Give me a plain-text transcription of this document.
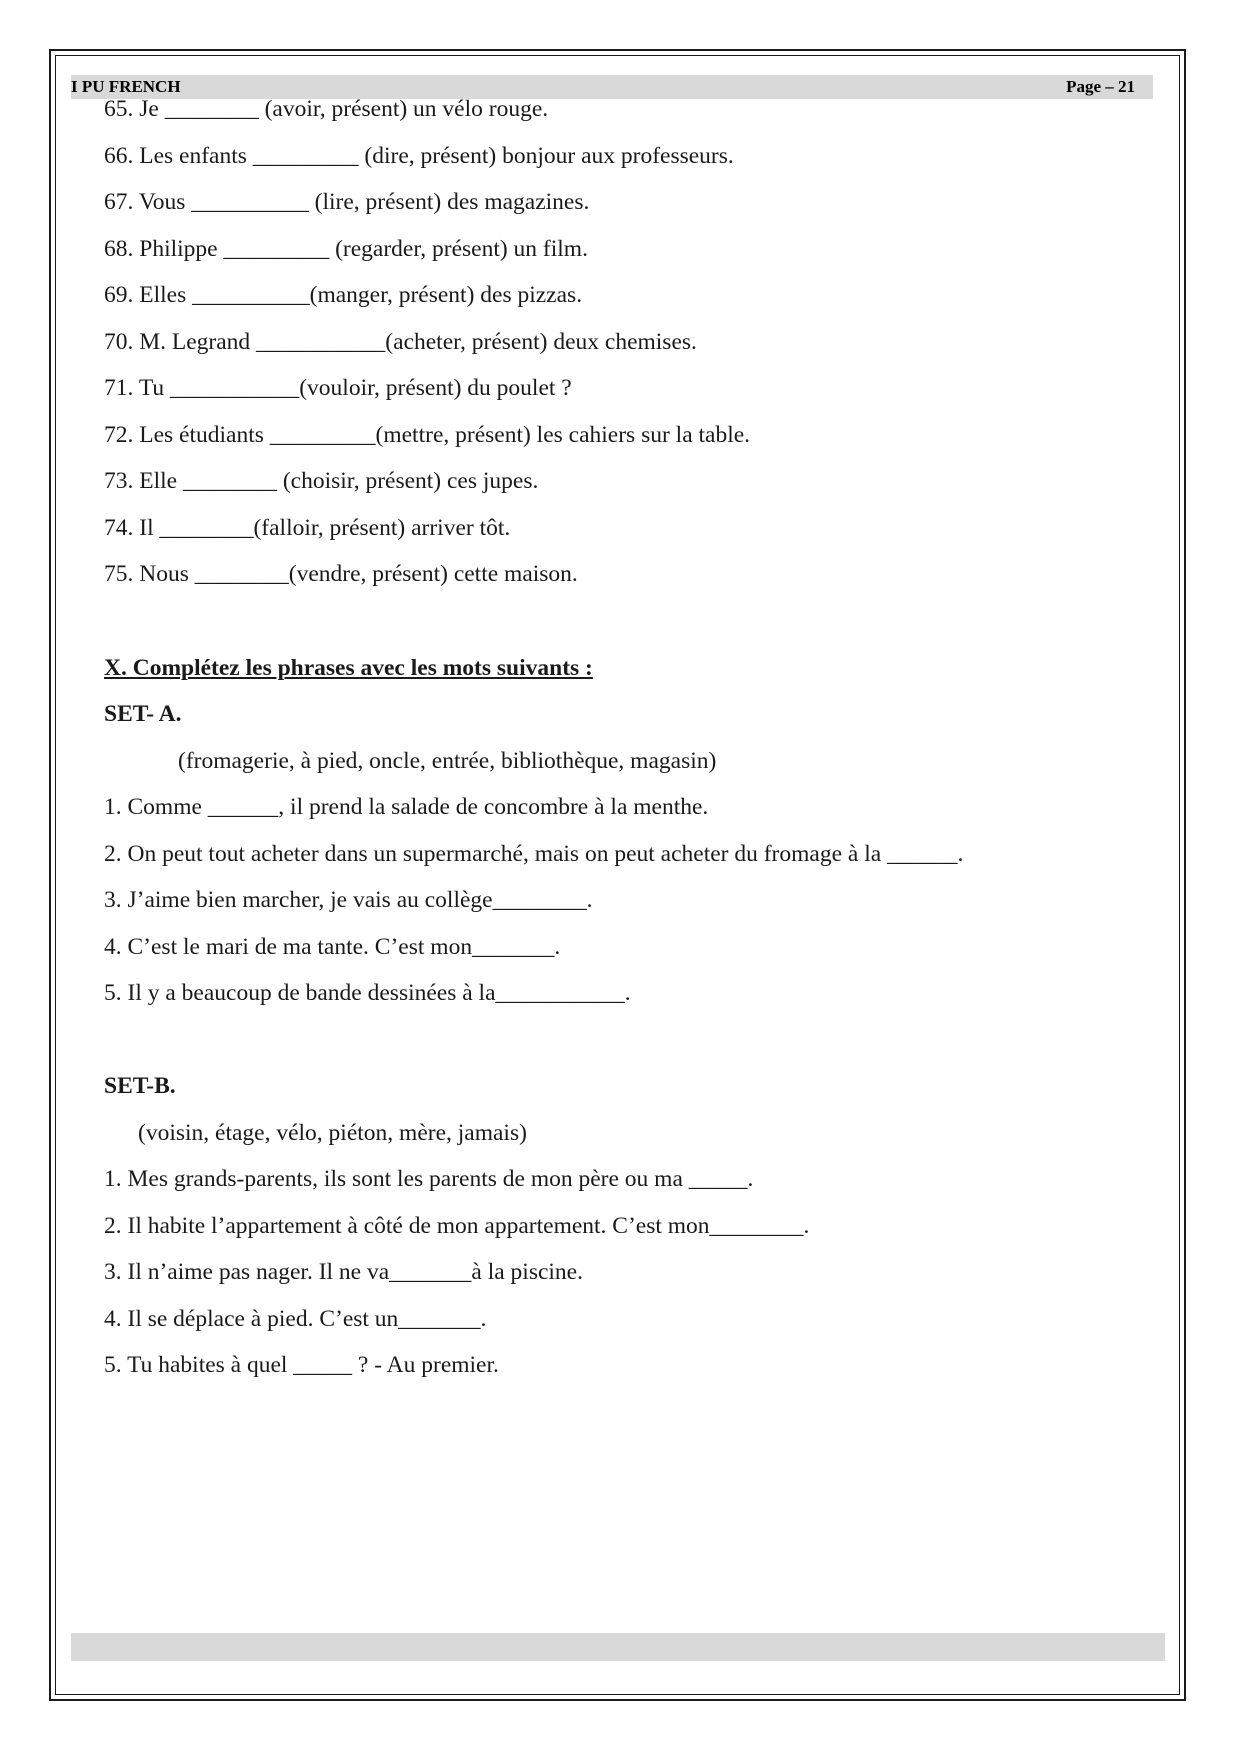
I PU FRENCH	Page – 21
65. Je ________ (avoir, présent) un vélo rouge.
66. Les enfants _________ (dire, présent) bonjour aux professeurs.
67. Vous __________ (lire, présent) des magazines.
68. Philippe _________ (regarder, présent) un film.
69. Elles __________(manger, présent) des pizzas.
70. M. Legrand ___________(acheter, présent) deux chemises.
71. Tu ___________(vouloir, présent) du poulet ?
72. Les étudiants _________(mettre, présent) les cahiers sur la table.
73. Elle ________ (choisir, présent) ces jupes.
74. Il ________(falloir, présent) arriver tôt.
75. Nous ________(vendre, présent) cette maison.
X. Complétez les phrases avec les mots suivants :
SET- A.
(fromagerie, à pied, oncle, entrée, bibliothèque, magasin)
1. Comme ______, il prend la salade de concombre à la menthe.
2. On peut tout acheter dans un supermarché, mais on peut acheter du fromage à la ______.
3. J’aime bien marcher, je vais au collège________.
4. C’est le mari de ma tante. C’est mon_______.
5. Il y a beaucoup de bande dessinées à la___________.
SET-B.
(voisin, étage, vélo, piéton, mère, jamais)
1. Mes grands-parents, ils sont les parents de mon père ou ma _____.
2. Il habite l’appartement à côté de mon appartement. C’est mon________.
3. Il n’aime pas nager. Il ne va_______à la piscine.
4. Il se déplace à pied. C’est un_______.
5. Tu habites à quel _____ ? - Au premier.
